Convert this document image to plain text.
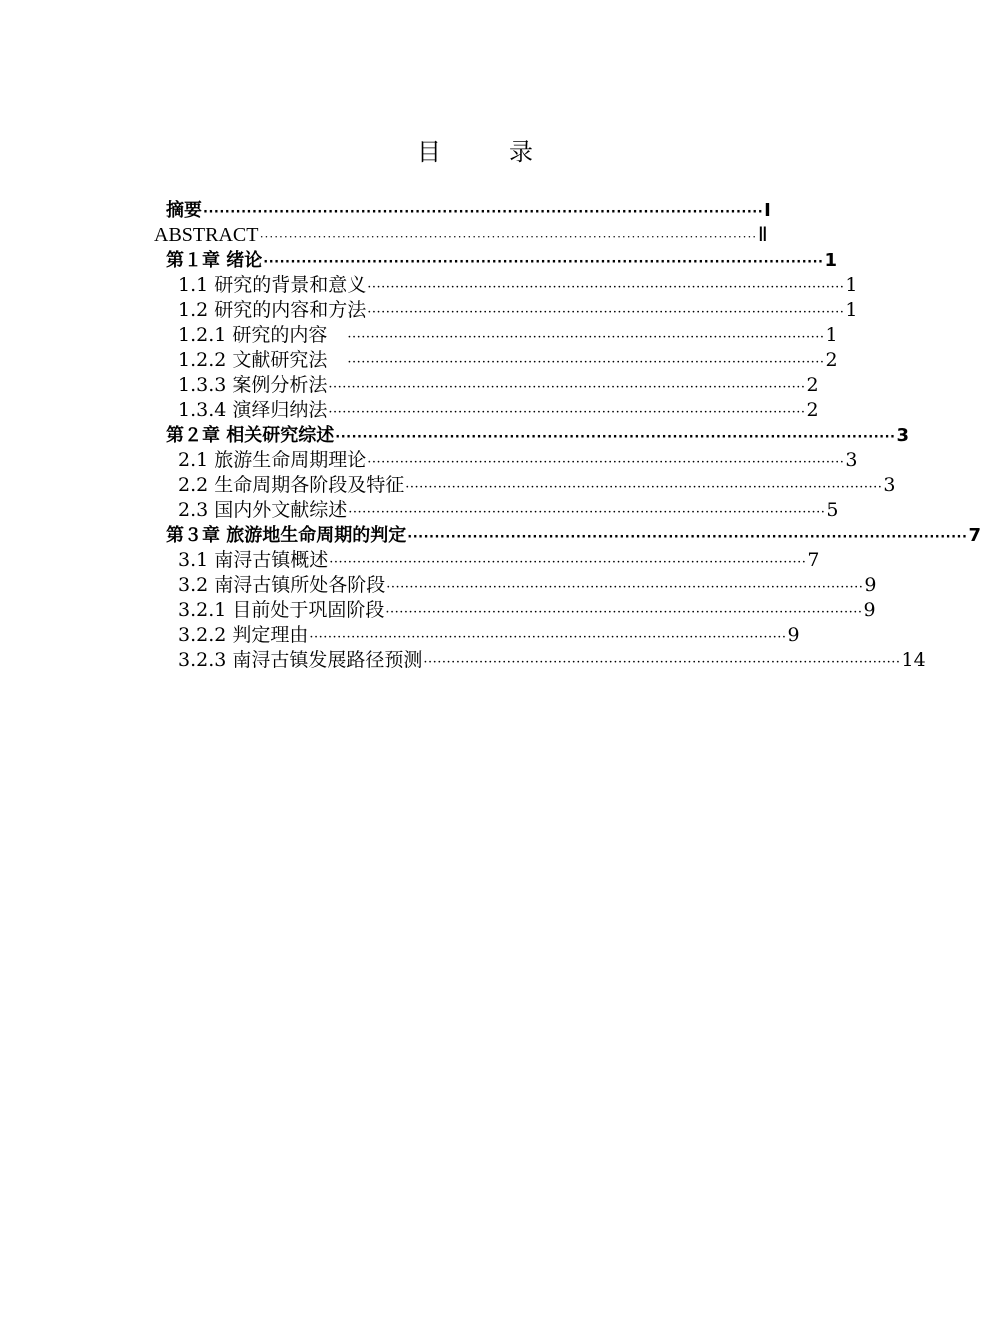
目　录
摘要 ······································································································· Ⅰ
ABSTRACT ······································································································· Ⅱ
第１章 绪论 ······································································································· 1
1.1 研究的背景和意义 ······································································································· 1
1.2 研究的内容和方法 ······································································································· 1
1.2.1 研究的内容　 ······································································································· 1
1.2.2 文献研究法　 ······································································································· 2
1.3.3 案例分析法 ······································································································· 2
1.3.4 演绎归纳法 ······································································································· 2
第２章 相关研究综述 ······································································································· 3
2.1 旅游生命周期理论 ······································································································· 3
2.2 生命周期各阶段及特征 ······································································································· 3
2.3 国内外文献综述 ······································································································· 5
第３章 旅游地生命周期的判定 ······································································································· 7
3.1 南浔古镇概述 ······································································································· 7
3.2 南浔古镇所处各阶段 ······································································································· 9
3.2.1 目前处于巩固阶段 ······································································································· 9
3.2.2 判定理由 ······································································································· 9
3.2.3 南浔古镇发展路径预测 ······································································································· 14
